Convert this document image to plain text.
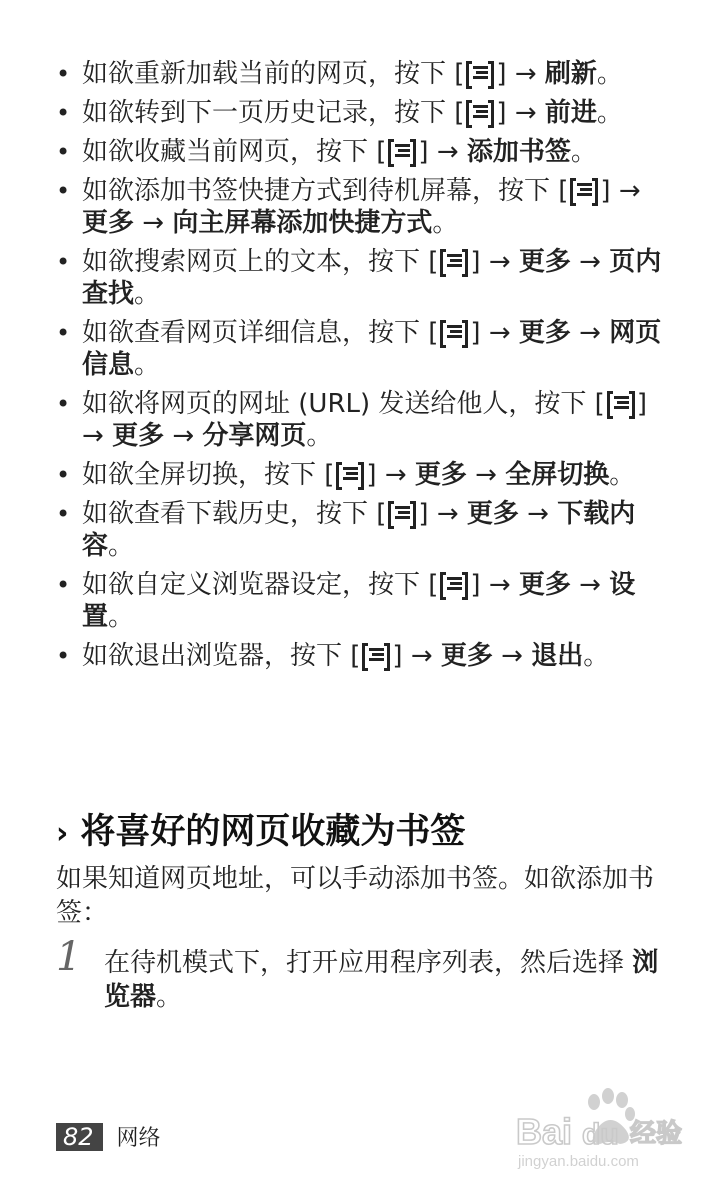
• 如欲重新加载当前的网页，按下 [ ] → 刷新。
• 如欲转到下一页历史记录，按下 [ ] → 前进。
• 如欲收藏当前网页，按下 [ ] → 添加书签。
• 如欲添加书签快捷方式到待机屏幕，按下 [ ] → 更多 → 向主屏幕添加快捷方式。
• 如欲搜索网页上的文本，按下 [ ] → 更多 → 页内查找。
• 如欲查看网页详细信息，按下 [ ] → 更多 → 网页信息。
• 如欲将网页的网址 (URL) 发送给他人，按下 [ ] → 更多 → 分享网页。
• 如欲全屏切换，按下 [ ] → 更多 → 全屏切换。
• 如欲查看下载历史，按下 [ ] → 更多 → 下载内容。
• 如欲自定义浏览器设定，按下 [ ] → 更多 → 设置。
• 如欲退出浏览器，按下 [ ] → 更多 → 退出。
› 将喜好的网页收藏为书签
如果知道网页地址，可以手动添加书签。如欲添加书签：
1 在待机模式下，打开应用程序列表，然后选择 浏览器。
82 网络	Bai du 经验
jingyan.baidu.com
